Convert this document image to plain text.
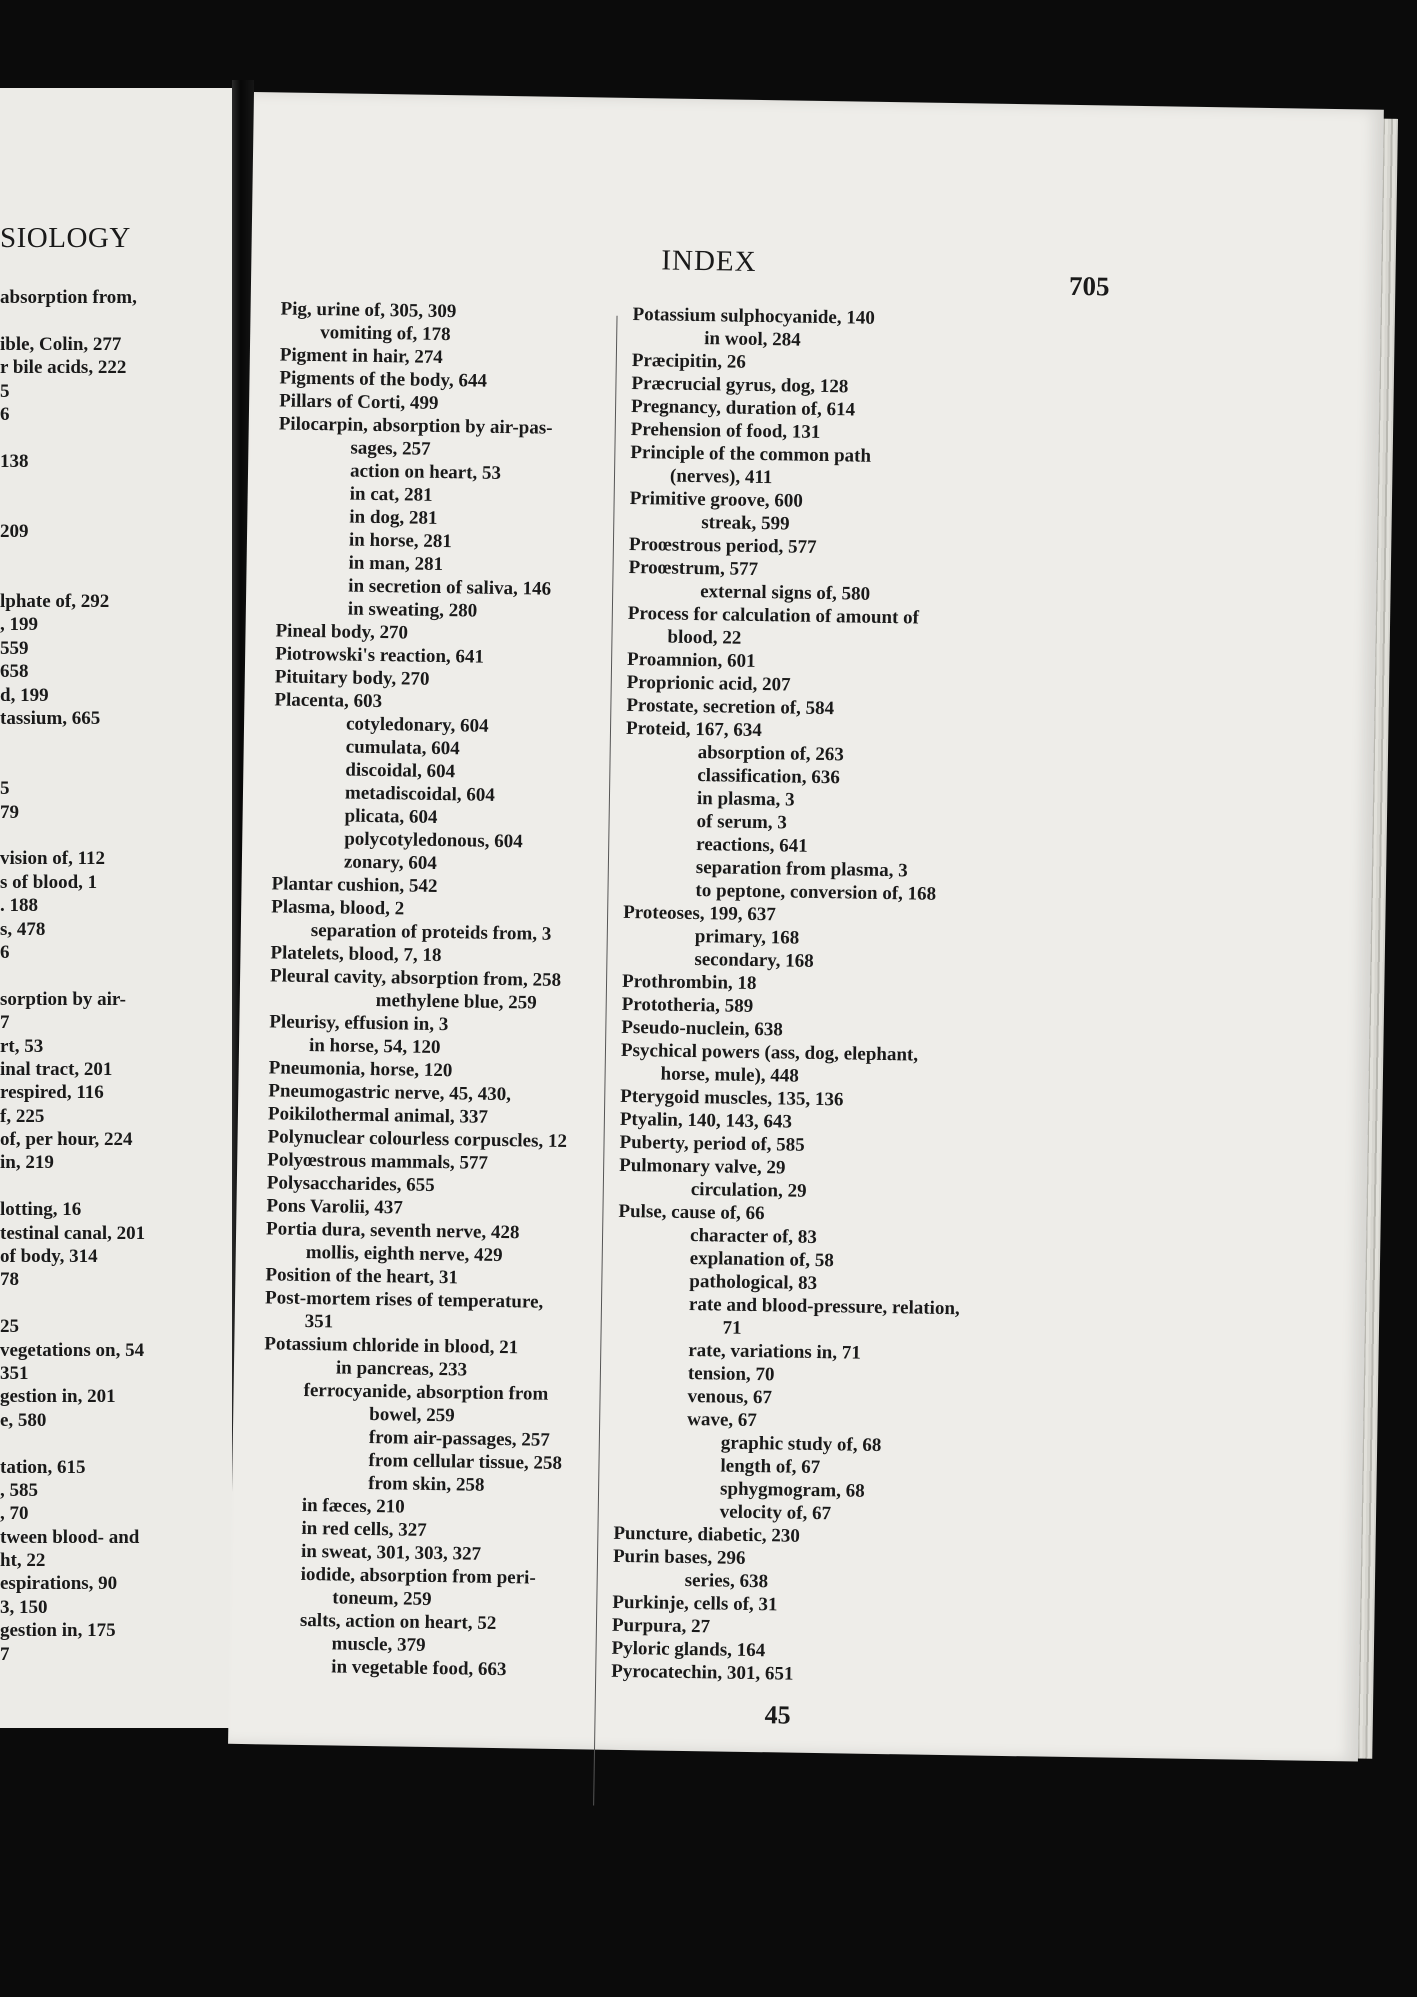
SIOLOGY
absorption from,
ible, Colin, 277
r bile acids, 222
5
6
138
209
lphate of, 292
, 199
559
658
d, 199
tassium, 665
5
79
vision of, 112
s of blood, 1
. 188
s, 478
6
sorption by air-
7
rt, 53
inal tract, 201
respired, 116
f, 225
of, per hour, 224
in, 219
lotting, 16
testinal canal, 201
of body, 314
78
25
vegetations on, 54
351
gestion in, 201
e, 580
tation, 615
, 585
, 70
tween blood- and
ht, 22
espirations, 90
3, 150
gestion in, 175
7
INDEX
705
Pig, urine of, 305, 309
vomiting of, 178
Pigment in hair, 274
Pigments of the body, 644
Pillars of Corti, 499
Pilocarpin, absorption by air-pas-
sages, 257
action on heart, 53
in cat, 281
in dog, 281
in horse, 281
in man, 281
in secretion of saliva, 146
in sweating, 280
Pineal body, 270
Piotrowski's reaction, 641
Pituitary body, 270
Placenta, 603
cotyledonary, 604
cumulata, 604
discoidal, 604
metadiscoidal, 604
plicata, 604
polycotyledonous, 604
zonary, 604
Plantar cushion, 542
Plasma, blood, 2
separation of proteids from, 3
Platelets, blood, 7, 18
Pleural cavity, absorption from, 258
methylene blue, 259
Pleurisy, effusion in, 3
in horse, 54, 120
Pneumonia, horse, 120
Pneumogastric nerve, 45, 430,
Poikilothermal animal, 337
Polynuclear colourless corpuscles, 12
Polyœstrous mammals, 577
Polysaccharides, 655
Pons Varolii, 437
Portia dura, seventh nerve, 428
mollis, eighth nerve, 429
Position of the heart, 31
Post-mortem rises of temperature,
351
Potassium chloride in blood, 21
in pancreas, 233
ferrocyanide, absorption from
bowel, 259
from air-passages, 257
from cellular tissue, 258
from skin, 258
in fæces, 210
in red cells, 327
in sweat, 301, 303, 327
iodide, absorption from peri-
toneum, 259
salts, action on heart, 52
muscle, 379
in vegetable food, 663
Potassium sulphocyanide, 140
in wool, 284
Præcipitin, 26
Præcrucial gyrus, dog, 128
Pregnancy, duration of, 614
Prehension of food, 131
Principle of the common path
(nerves), 411
Primitive groove, 600
streak, 599
Proœstrous period, 577
Proœstrum, 577
external signs of, 580
Process for calculation of amount of
blood, 22
Proamnion, 601
Proprionic acid, 207
Prostate, secretion of, 584
Proteid, 167, 634
absorption of, 263
classification, 636
in plasma, 3
of serum, 3
reactions, 641
separation from plasma, 3
to peptone, conversion of, 168
Proteoses, 199, 637
primary, 168
secondary, 168
Prothrombin, 18
Prototheria, 589
Pseudo-nuclein, 638
Psychical powers (ass, dog, elephant,
horse, mule), 448
Pterygoid muscles, 135, 136
Ptyalin, 140, 143, 643
Puberty, period of, 585
Pulmonary valve, 29
circulation, 29
Pulse, cause of, 66
character of, 83
explanation of, 58
pathological, 83
rate and blood-pressure, relation,
71
rate, variations in, 71
tension, 70
venous, 67
wave, 67
graphic study of, 68
length of, 67
sphygmogram, 68
velocity of, 67
Puncture, diabetic, 230
Purin bases, 296
series, 638
Purkinje, cells of, 31
Purpura, 27
Pyloric glands, 164
Pyrocatechin, 301, 651
45
